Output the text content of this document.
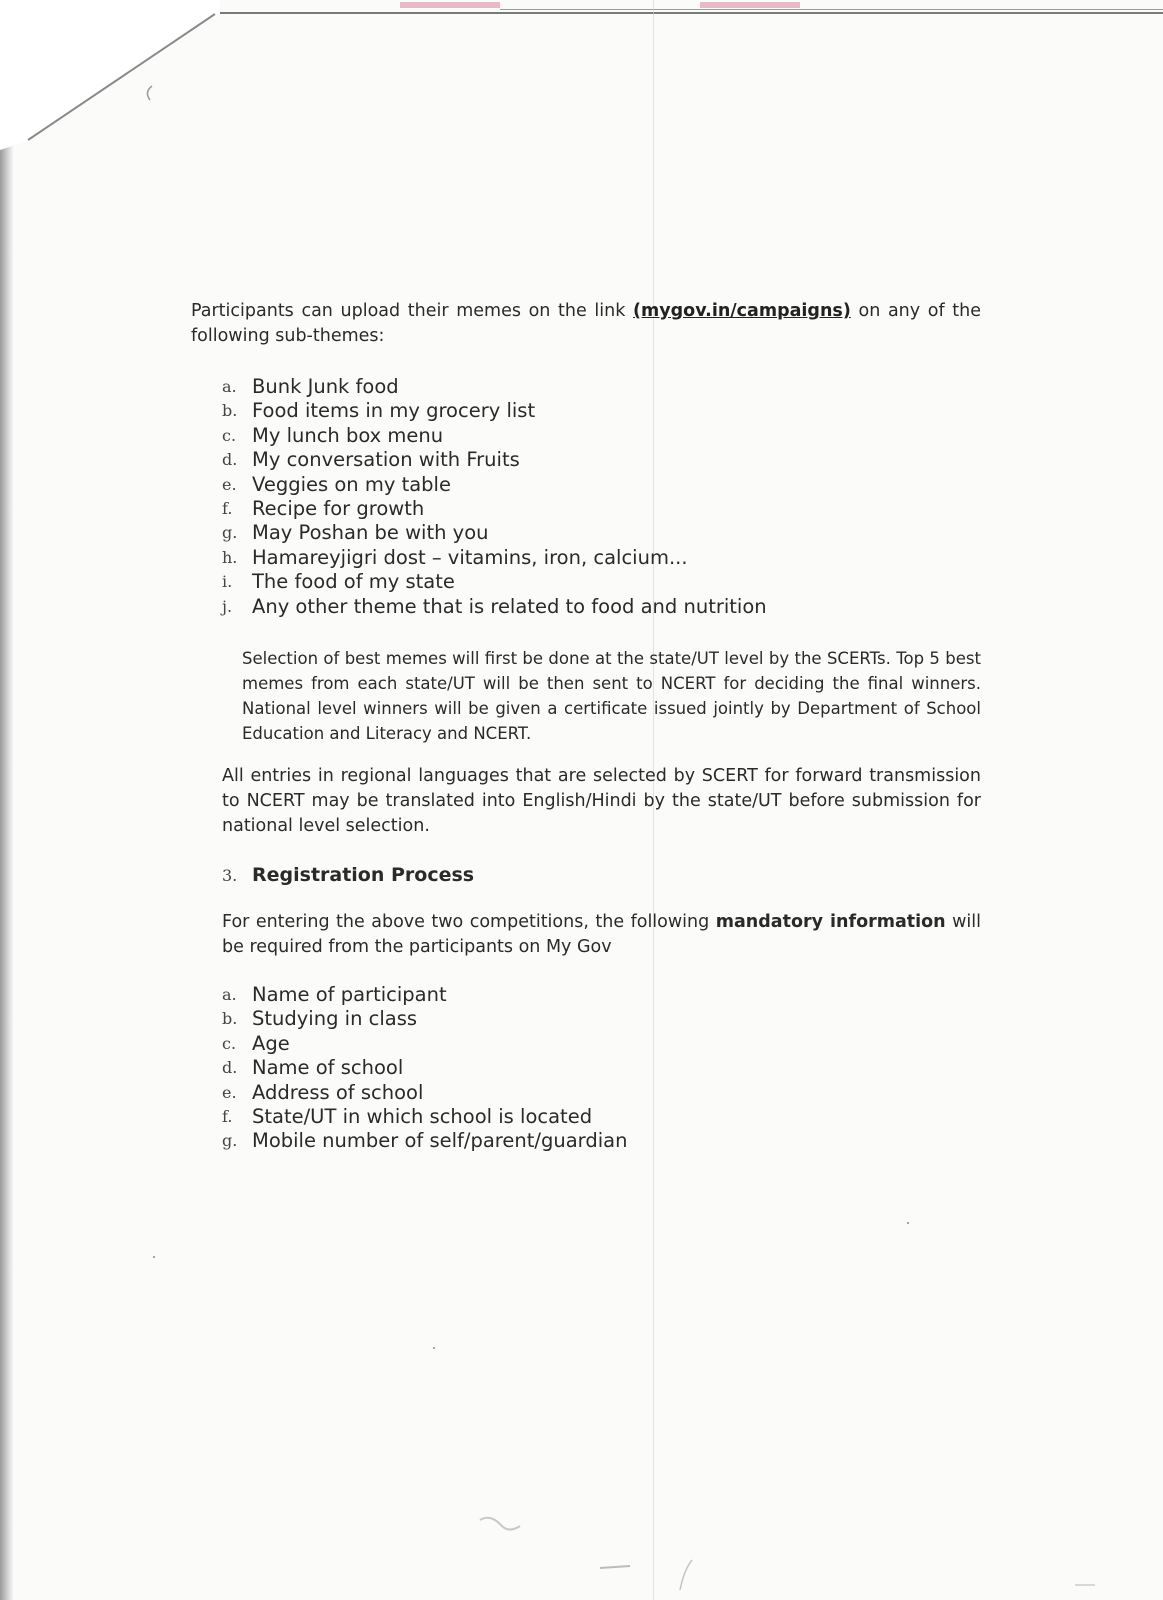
Participants can upload their memes on the link (mygov.in/campaigns) on any of the following sub-themes:

a. Bunk Junk food
b. Food items in my grocery list
c. My lunch box menu
d. My conversation with Fruits
e. Veggies on my table
f.	Recipe for growth
g. May Poshan be with you
h. Hamareyjigri dost – vitamins, iron, calcium...
i.	The food of my state
j.	Any other theme that is related to food and nutrition

Selection of best memes will first be done at the state/UT level by the SCERTs. Top 5 best memes from each state/UT will be then sent to NCERT for deciding the final winners. National level winners will be given a certificate issued jointly by Department of School Education and Literacy and NCERT.

All entries in regional languages that are selected by SCERT for forward transmission to NCERT may be translated into English/Hindi by the state/UT before submission for national level selection.

3. Registration Process

For entering the above two competitions, the following mandatory information will be required from the participants on My Gov

a. Name of participant
b. Studying in class
c. Age
d. Name of school
e. Address of school
f.	State/UT in which school is located
g. Mobile number of self/parent/guardian
